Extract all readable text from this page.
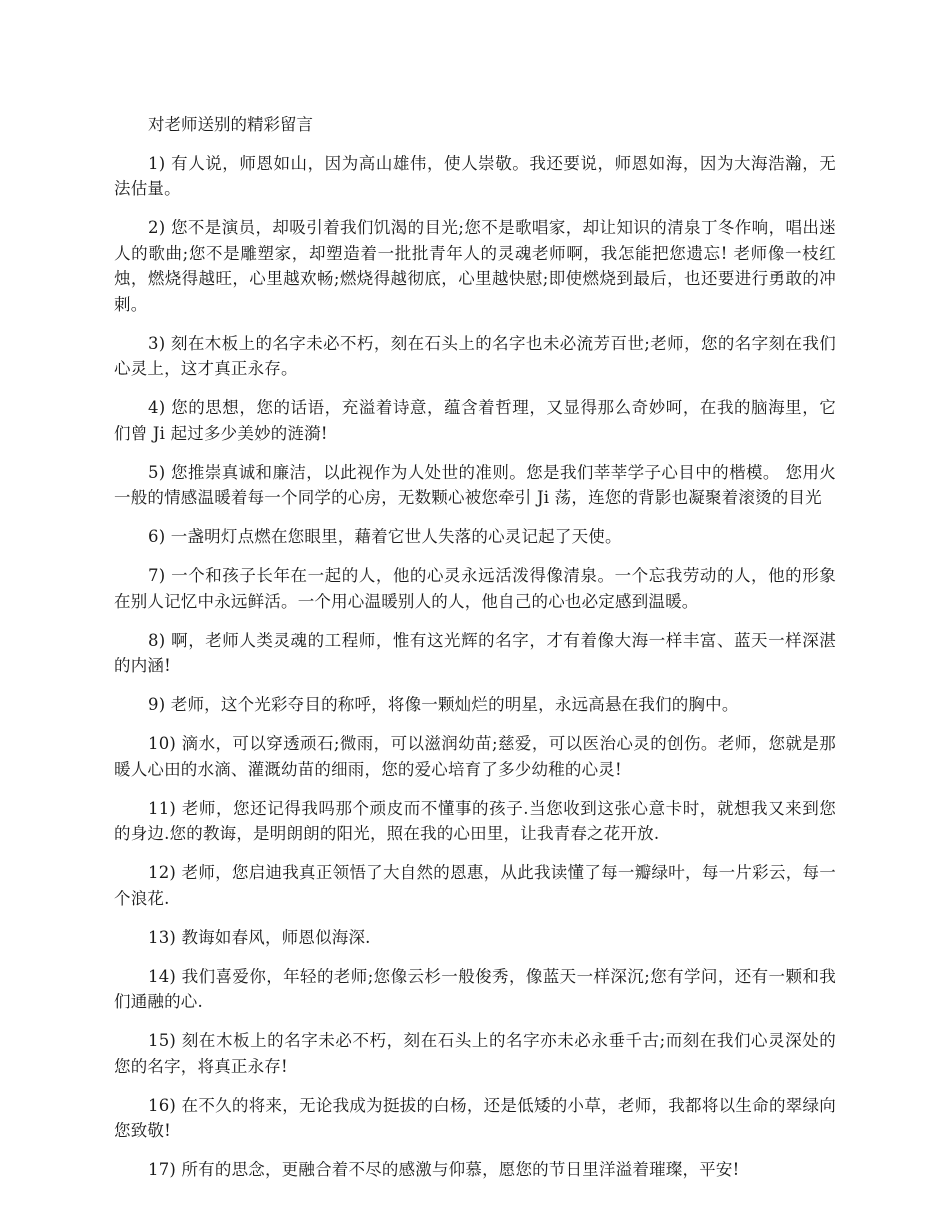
对老师送别的精彩留言

1) 有人说，师恩如山，因为高山雄伟，使人崇敬。我还要说，师恩如海，因为大海浩瀚，无法估量。

2) 您不是演员，却吸引着我们饥渴的目光;您不是歌唱家，却让知识的清泉丁冬作响，唱出迷人的歌曲;您不是雕塑家，却塑造着一批批青年人的灵魂老师啊，我怎能把您遗忘! 老师像一枝红烛，燃烧得越旺，心里越欢畅;燃烧得越彻底，心里越快慰;即使燃烧到最后，也还要进行勇敢的冲刺。

3) 刻在木板上的名字未必不朽，刻在石头上的名字也未必流芳百世;老师，您的名字刻在我们心灵上，这才真正永存。

4) 您的思想，您的话语，充溢着诗意，蕴含着哲理，又显得那么奇妙呵，在我的脑海里，它们曾 Ji 起过多少美妙的涟漪!

5) 您推崇真诚和廉洁，以此视作为人处世的准则。您是我们莘莘学子心目中的楷模。 您用火一般的情感温暖着每一个同学的心房，无数颗心被您牵引 Ji 荡，连您的背影也凝聚着滚烫的目光

6) 一盏明灯点燃在您眼里，藉着它世人失落的心灵记起了天使。

7) 一个和孩子长年在一起的人，他的心灵永远活泼得像清泉。一个忘我劳动的人，他的形象在别人记忆中永远鲜活。一个用心温暖别人的人，他自己的心也必定感到温暖。

8) 啊，老师人类灵魂的工程师，惟有这光辉的名字，才有着像大海一样丰富、蓝天一样深湛的内涵!

9) 老师，这个光彩夺目的称呼，将像一颗灿烂的明星，永远高悬在我们的胸中。

10) 滴水，可以穿透顽石;微雨，可以滋润幼苗;慈爱，可以医治心灵的创伤。老师，您就是那暖人心田的水滴、灌溉幼苗的细雨，您的爱心培育了多少幼稚的心灵!

11) 老师，您还记得我吗那个顽皮而不懂事的孩子.当您收到这张心意卡时，就想我又来到您的身边.您的教诲，是明朗朗的阳光，照在我的心田里，让我青春之花开放.

12) 老师，您启迪我真正领悟了大自然的恩惠，从此我读懂了每一瓣绿叶，每一片彩云，每一个浪花.

13) 教诲如春风，师恩似海深.

14) 我们喜爱你，年轻的老师;您像云杉一般俊秀，像蓝天一样深沉;您有学问，还有一颗和我们通融的心.

15) 刻在木板上的名字未必不朽，刻在石头上的名字亦未必永垂千古;而刻在我们心灵深处的您的名字，将真正永存!

16) 在不久的将来，无论我成为挺拔的白杨，还是低矮的小草，老师，我都将以生命的翠绿向您致敬!

17) 所有的思念，更融合着不尽的感激与仰慕，愿您的节日里洋溢着璀璨，平安!
